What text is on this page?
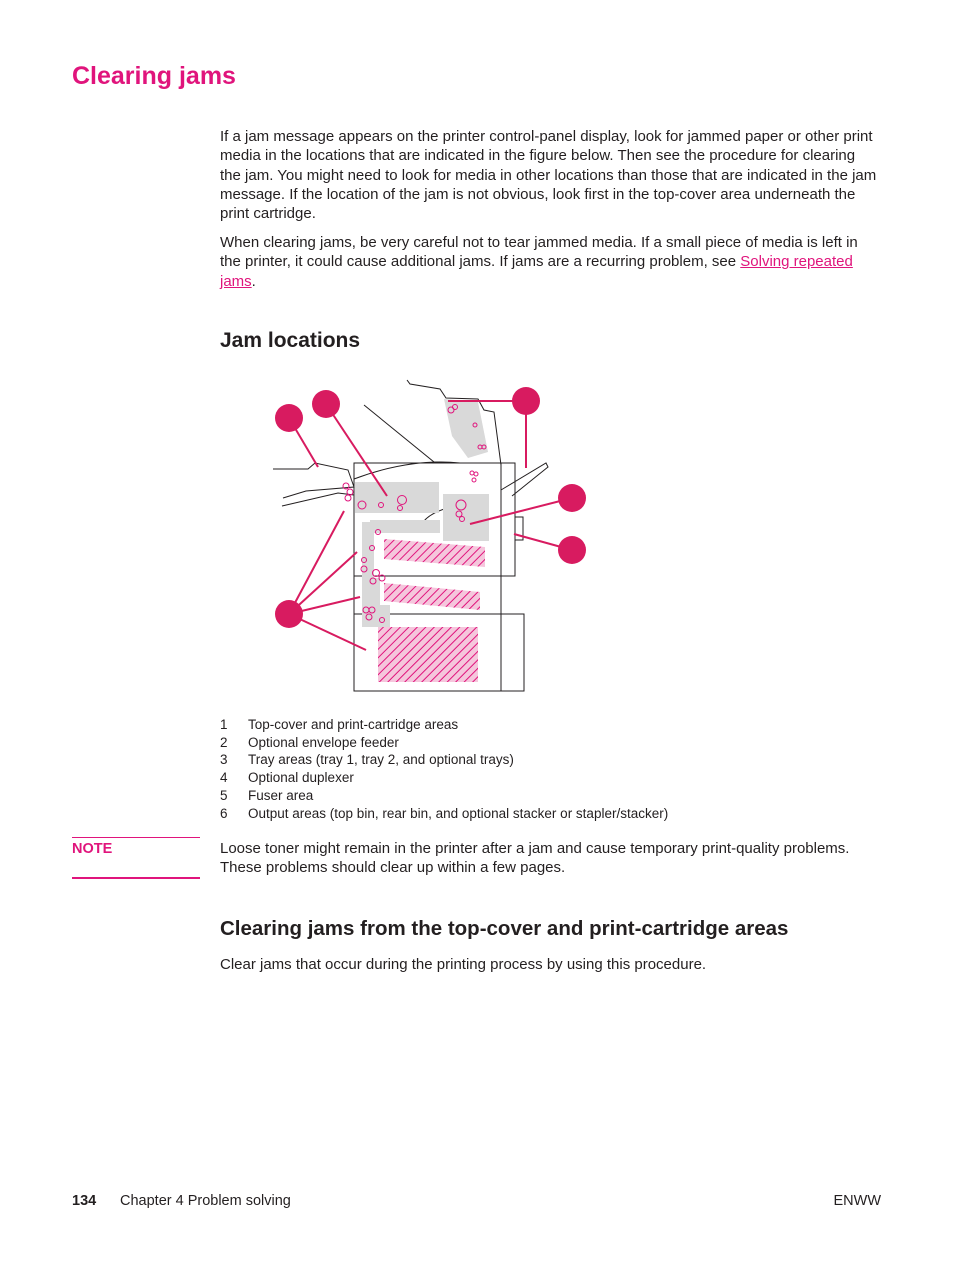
Clearing jams

If a jam message appears on the printer control-panel display, look for jammed paper or other print media in the locations that are indicated in the figure below. Then see the procedure for clearing the jam. You might need to look for media in other locations than those that are indicated in the jam message. If the location of the jam is not obvious, look first in the top-cover area underneath the print cartridge.

When clearing jams, be very careful not to tear jammed media. If a small piece of media is left in the printer, it could cause additional jams. If jams are a recurring problem, see Solving repeated jams.

Jam locations
1	Top-cover and print-cartridge areas
2	Optional envelope feeder
3	Tray areas (tray 1, tray 2, and optional trays)
4	Optional duplexer
5	Fuser area
6	Output areas (top bin, rear bin, and optional stacker or stapler/stacker)
NOTE	Loose toner might remain in the printer after a jam and cause temporary print-quality problems. These problems should clear up within a few pages.

Clearing jams from the top-cover and print-cartridge areas

Clear jams that occur during the printing process by using this procedure.

134 Chapter 4 Problem solving	ENWW
